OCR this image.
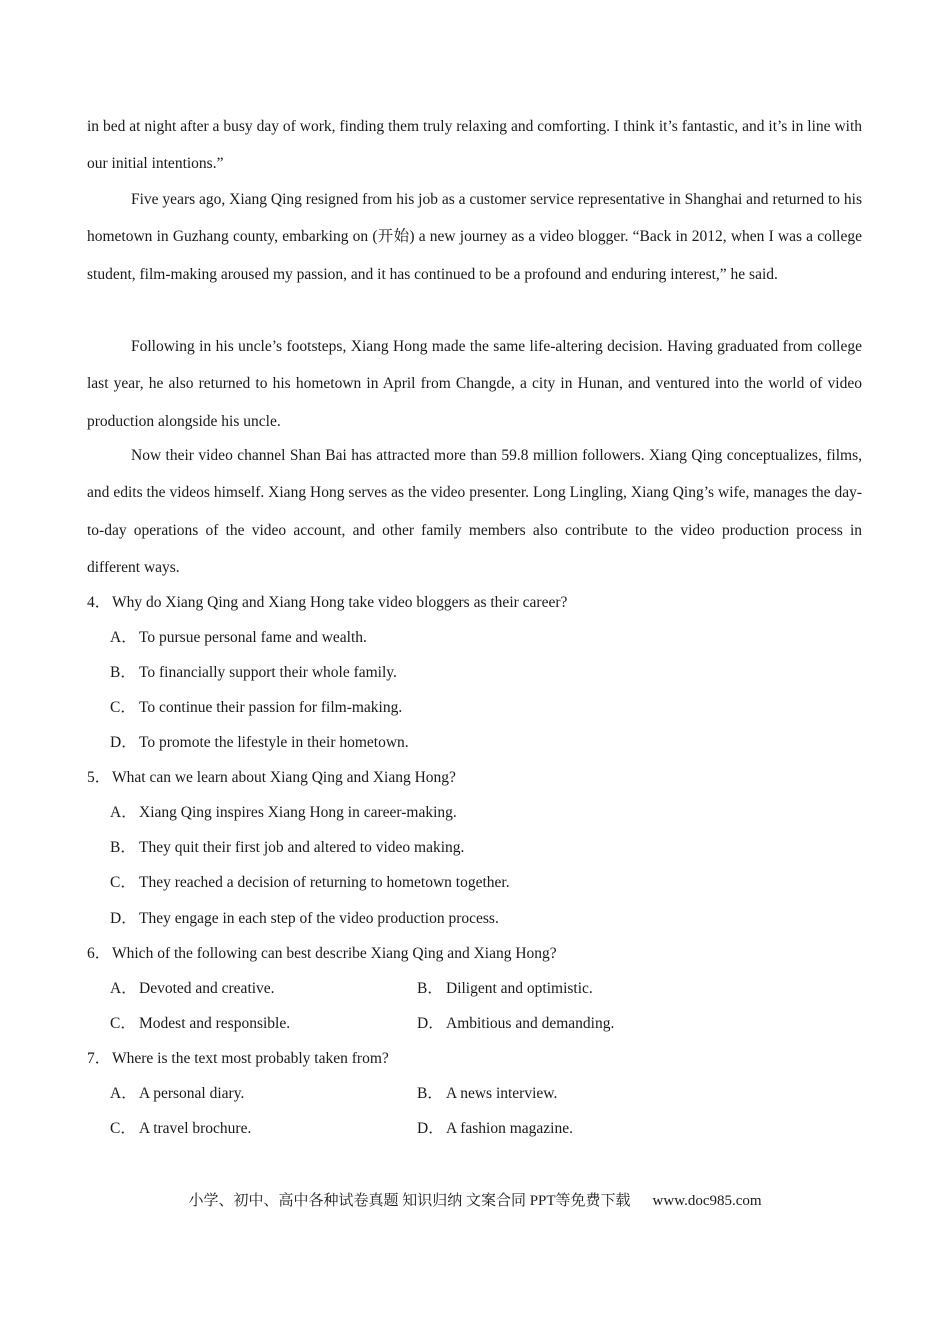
in bed at night after a busy day of work, finding them truly relaxing and comforting. I think it’s fantastic, and it’s in line with our initial intentions.”

Five years ago, Xiang Qing resigned from his job as a customer service representative in Shanghai and returned to his hometown in Guzhang county, embarking on (开始) a new journey as a video blogger. “Back in 2012, when I was a college student, film-making aroused my passion, and it has continued to be a profound and enduring interest,” he said.

Following in his uncle’s footsteps, Xiang Hong made the same life-altering decision. Having graduated from college last year, he also returned to his hometown in April from Changde, a city in Hunan, and ventured into the world of video production alongside his uncle.

Now their video channel Shan Bai has attracted more than 59.8 million followers. Xiang Qing conceptualizes, films, and edits the videos himself. Xiang Hong serves as the video presenter. Long Lingling, Xiang Qing’s wife, manages the day-to-day operations of the video account, and other family members also contribute to the video production process in different ways.

4． Why do Xiang Qing and Xiang Hong take video bloggers as their career?
A． To pursue personal fame and wealth.
B． To financially support their whole family.
C． To continue their passion for film-making.
D． To promote the lifestyle in their hometown.
5． What can we learn about Xiang Qing and Xiang Hong?
A． Xiang Qing inspires Xiang Hong in career-making.
B． They quit their first job and altered to video making.
C． They reached a decision of returning to hometown together.
D． They engage in each step of the video production process.
6． Which of the following can best describe Xiang Qing and Xiang Hong?
A． Devoted and creative.	B． Diligent and optimistic.
C． Modest and responsible.	D． Ambitious and demanding.
7． Where is the text most probably taken from?
A． A personal diary.	B． A news interview.
C． A travel brochure.	D． A fashion magazine.
小学、初中、高中各种试卷真题 知识归纳 文案合同 PPT等免费下载 www.doc985.com
